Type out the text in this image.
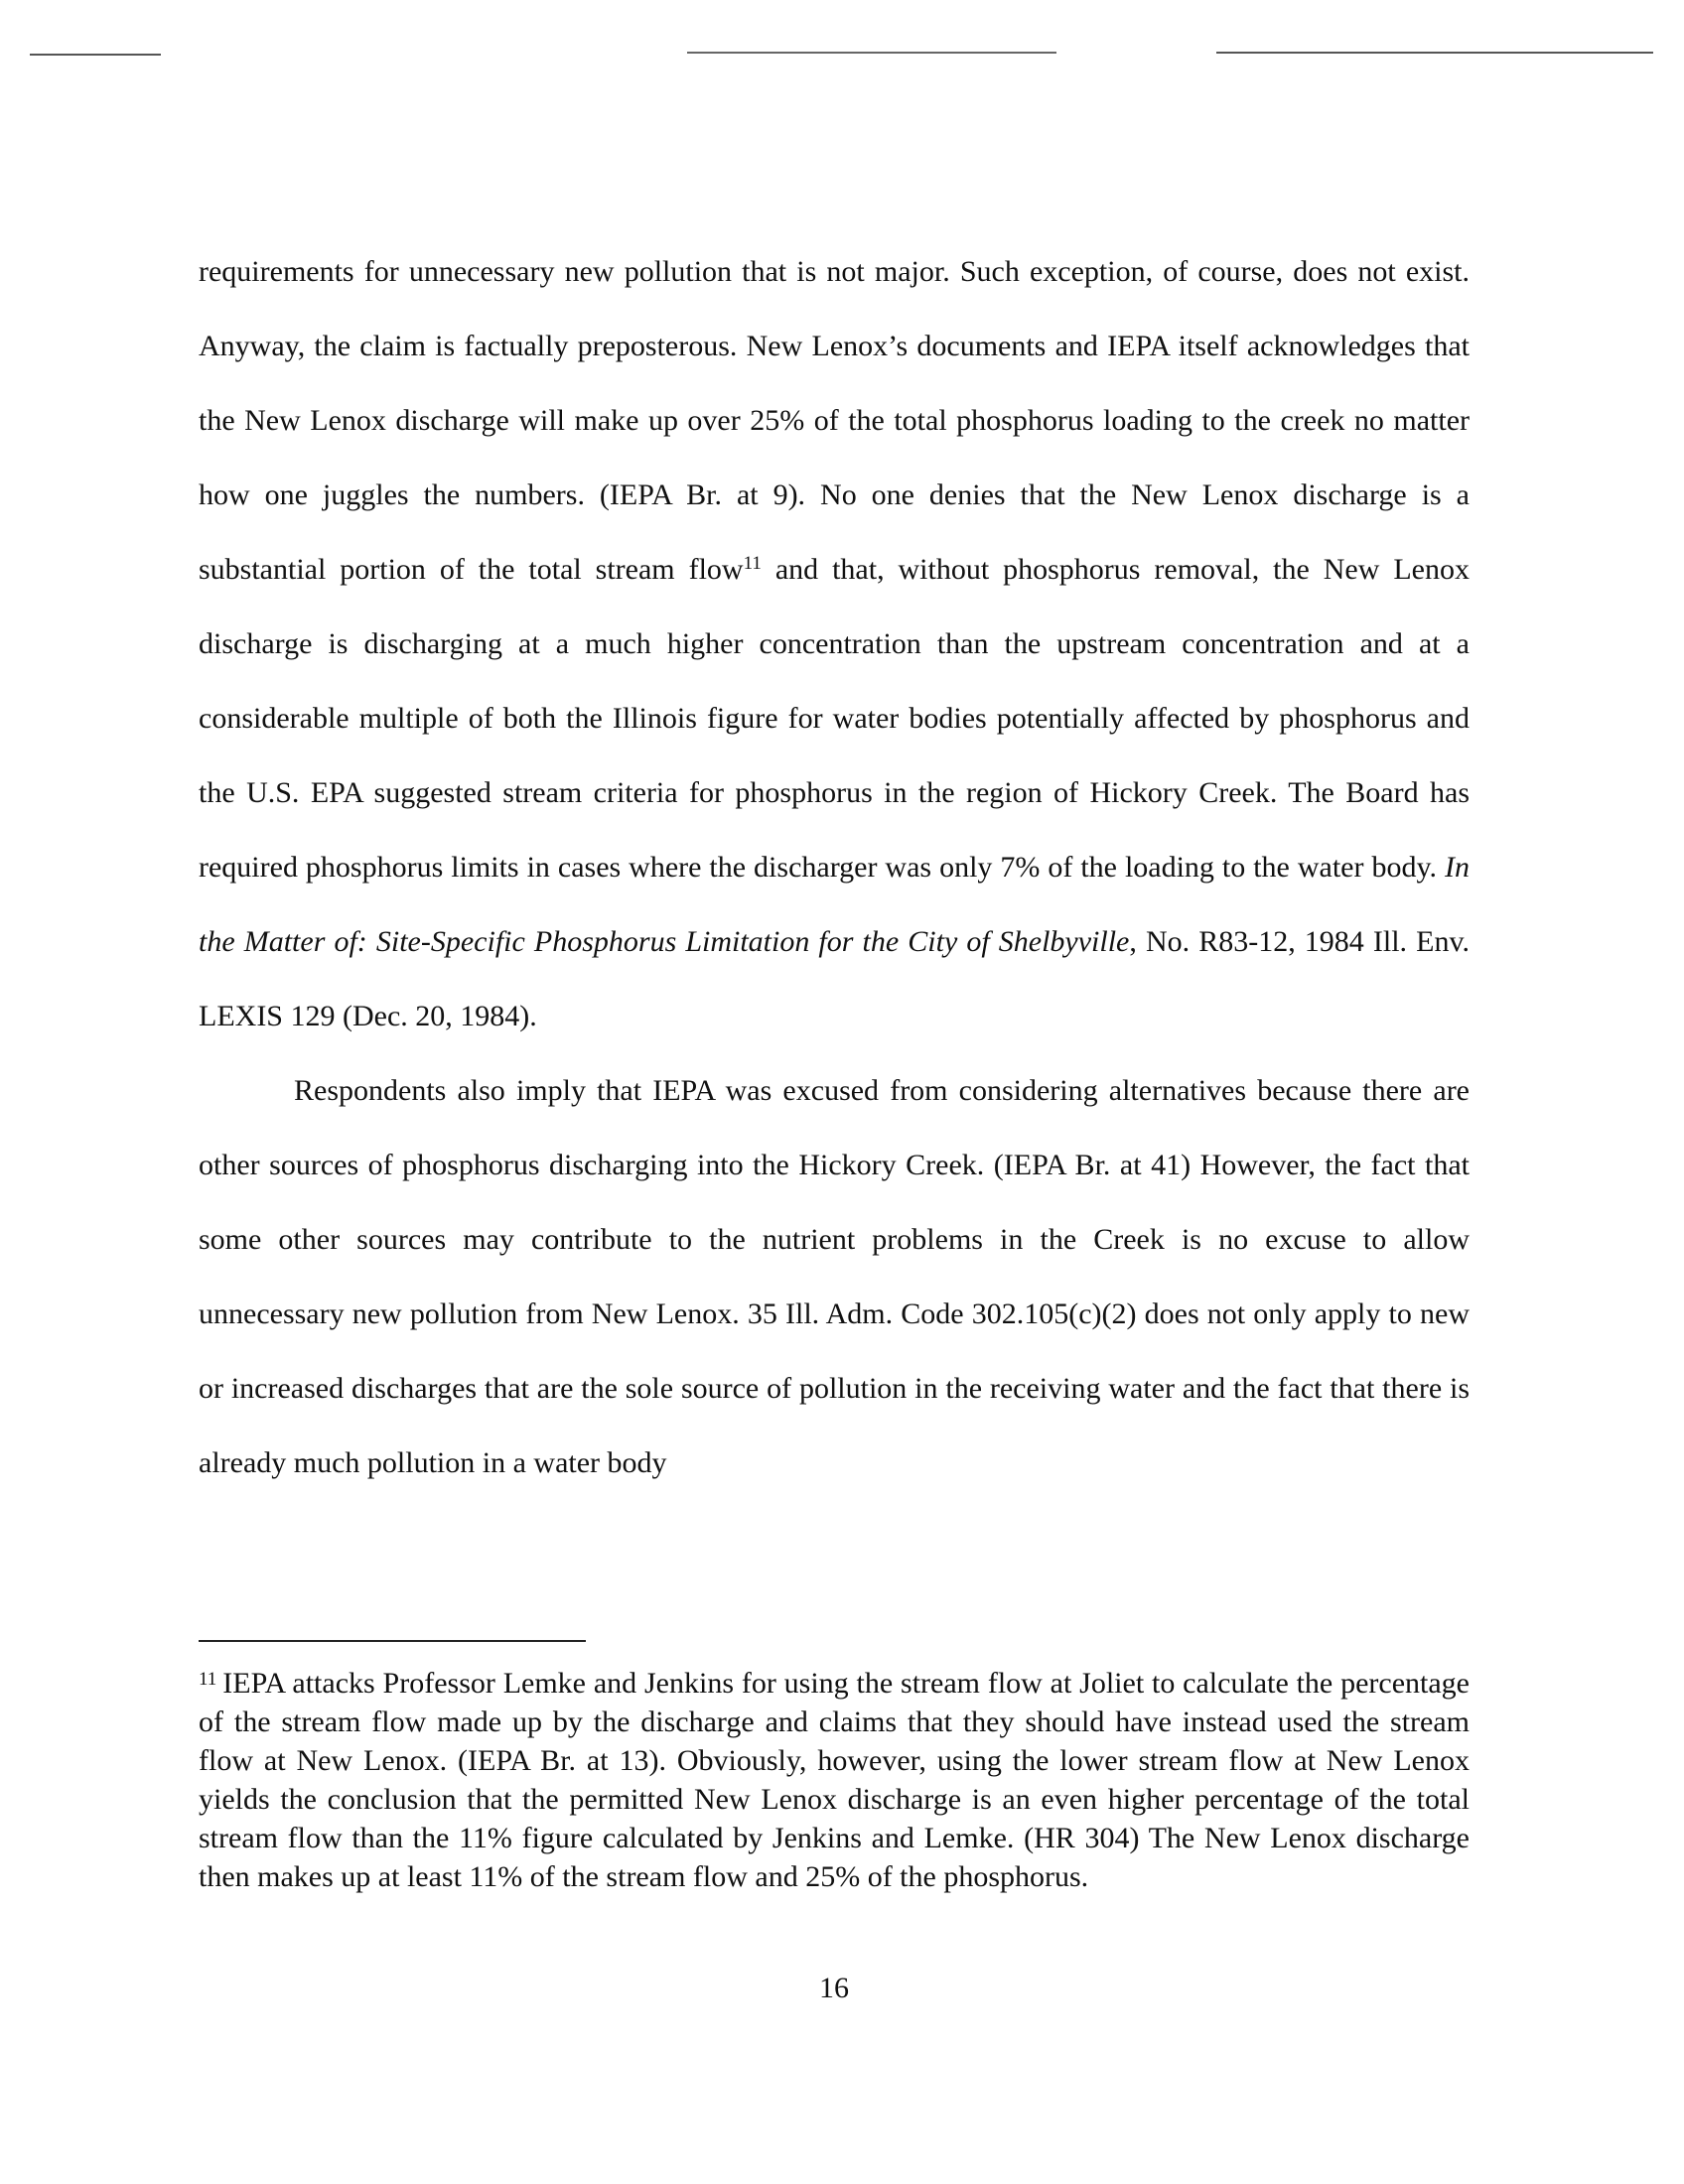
requirements for unnecessary new pollution that is not major. Such exception, of course, does not exist. Anyway, the claim is factually preposterous. New Lenox’s documents and IEPA itself acknowledges that the New Lenox discharge will make up over 25% of the total phosphorus loading to the creek no matter how one juggles the numbers. (IEPA Br. at 9). No one denies that the New Lenox discharge is a substantial portion of the total stream flow$^{11}$ and that, without phosphorus removal, the New Lenox discharge is discharging at a much higher concentration than the upstream concentration and at a considerable multiple of both the Illinois figure for water bodies potentially affected by phosphorus and the U.S. EPA suggested stream criteria for phosphorus in the region of Hickory Creek. The Board has required phosphorus limits in cases where the discharger was only 7% of the loading to the water body. In the Matter of: Site-Specific Phosphorus Limitation for the City of Shelbyville, No. R83-12, 1984 Ill. Env. LEXIS 129 (Dec. 20, 1984).

Respondents also imply that IEPA was excused from considering alternatives because there are other sources of phosphorus discharging into the Hickory Creek. (IEPA Br. at 41) However, the fact that some other sources may contribute to the nutrient problems in the Creek is no excuse to allow unnecessary new pollution from New Lenox. 35 Ill. Adm. Code 302.105(c)(2) does not only apply to new or increased discharges that are the sole source of pollution in the receiving water and the fact that there is already much pollution in a water body

$^{11}$ IEPA attacks Professor Lemke and Jenkins for using the stream flow at Joliet to calculate the percentage of the stream flow made up by the discharge and claims that they should have instead used the stream flow at New Lenox. (IEPA Br. at 13). Obviously, however, using the lower stream flow at New Lenox yields the conclusion that the permitted New Lenox discharge is an even higher percentage of the total stream flow than the 11% figure calculated by Jenkins and Lemke. (HR 304) The New Lenox discharge then makes up at least 11% of the stream flow and 25% of the phosphorus.
16
